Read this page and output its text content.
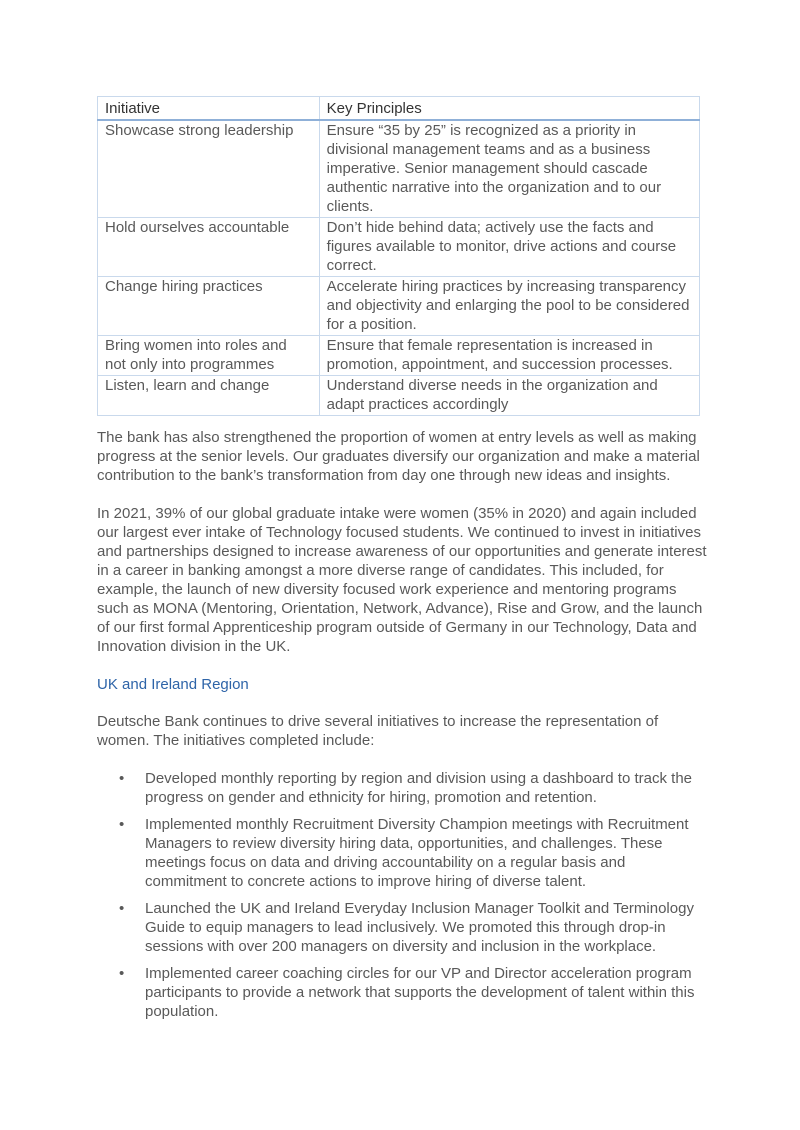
Initiative	Key Principles
Showcase strong leadership	Ensure “35 by 25” is recognized as a priority in divisional management teams and as a business imperative. Senior management should cascade authentic narrative into the organization and to our clients.
Hold ourselves accountable	Don’t hide behind data; actively use the facts and figures available to monitor, drive actions and course correct.
Change hiring practices	Accelerate hiring practices by increasing transparency and objectivity and enlarging the pool to be considered for a position.
Bring women into roles and not only into programmes	Ensure that female representation is increased in promotion, appointment, and succession processes.
Listen, learn and change	Understand diverse needs in the organization and adapt practices accordingly

The bank has also strengthened the proportion of women at entry levels as well as making progress at the senior levels. Our graduates diversify our organization and make a material contribution to the bank’s transformation from day one through new ideas and insights.

In 2021, 39% of our global graduate intake were women (35% in 2020) and again included our largest ever intake of Technology focused students. We continued to invest in initiatives and partnerships designed to increase awareness of our opportunities and generate interest in a career in banking amongst a more diverse range of candidates. This included, for example, the launch of new diversity focused work experience and mentoring programs such as MONA (Mentoring, Orientation, Network, Advance), Rise and Grow, and the launch of our first formal Apprenticeship program outside of Germany in our Technology, Data and Innovation division in the UK.

UK and Ireland Region

Deutsche Bank continues to drive several initiatives to increase the representation of women. The initiatives completed include:

• Developed monthly reporting by region and division using a dashboard to track the progress on gender and ethnicity for hiring, promotion and retention.
• Implemented monthly Recruitment Diversity Champion meetings with Recruitment Managers to review diversity hiring data, opportunities, and challenges. These meetings focus on data and driving accountability on a regular basis and commitment to concrete actions to improve hiring of diverse talent.
• Launched the UK and Ireland Everyday Inclusion Manager Toolkit and Terminology Guide to equip managers to lead inclusively. We promoted this through drop-in sessions with over 200 managers on diversity and inclusion in the workplace.
• Implemented career coaching circles for our VP and Director acceleration program participants to provide a network that supports the development of talent within this population.
